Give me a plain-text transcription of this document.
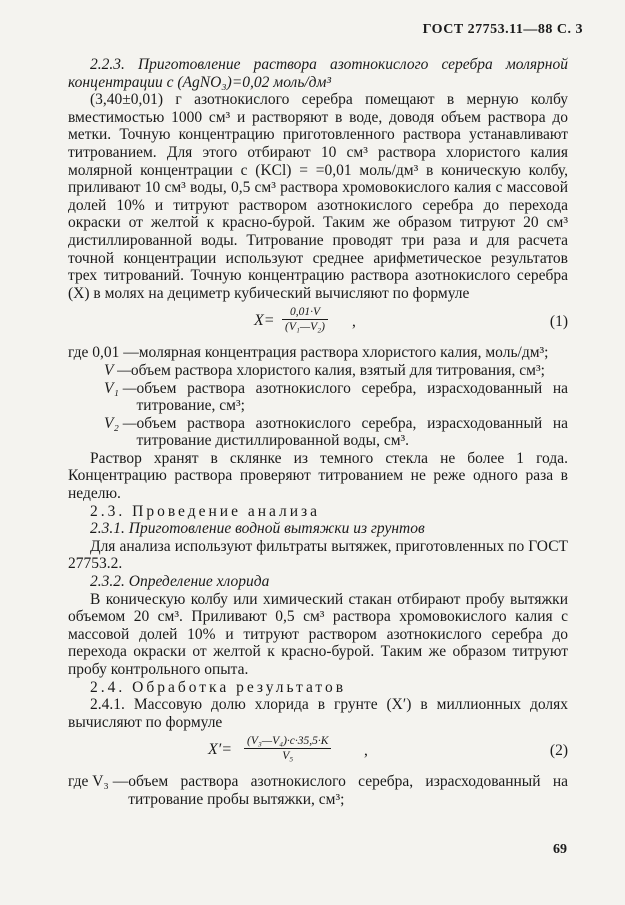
ГОСТ 27753.11—88 С. 3

2.2.3. Приготовление раствора азотнокислого серебра молярной концентрации c (AgNO₃)=0,02 моль/дм³

(3,40±0,01) г азотнокислого серебра помещают в мерную колбу вместимостью 1000 см³ и растворяют в воде, доводя объем раствора до метки. Точную концентрацию приготовленного раствора устанавливают титрованием. Для этого отбирают 10 см³ раствора хлористого калия молярной концентрации c (KCl) = =0,01 моль/дм³ в коническую колбу, приливают 10 см³ воды, 0,5 см³ раствора хромовокислого калия с массовой долей 10% и титруют раствором азотнокислого серебра до перехода окраски от желтой к красно-бурой. Таким же образом титруют 20 см³ дистиллированной воды. Титрование проводят три раза и для расчета точной концентрации используют среднее арифметическое результатов трех титрований. Точную концентрацию раствора азотнокислого серебра (X) в молях на дециметр кубический вычисляют по формуле

$X= \frac{0,01\cdot V}{\text{(V₁—V₂)}}$ ,	(1)
где 0,01 — молярная концентрация раствора хлористого калия, моль/дм³;
V — объем раствора хлористого калия, взятый для титрования, см³;
V₁ — объем раствора азотнокислого серебра, израсходованный на титрование, см³;
V₂ — объем раствора азотнокислого серебра, израсходованный на титрование дистиллированной воды, см³.

Раствор хранят в склянке из темного стекла не более 1 года. Концентрацию раствора проверяют титрованием не реже одного раза в неделю.

2.3. Проведение анализа

2.3.1. Приготовление водной вытяжки из грунтов

Для анализа используют фильтраты вытяжек, приготовленных по ГОСТ 27753.2.

2.3.2. Определение хлорида

В коническую колбу или химический стакан отбирают пробу вытяжки объемом 20 см³. Приливают 0,5 см³ раствора хромовокислого калия с массовой долей 10% и титруют раствором азотнокислого серебра до перехода окраски от желтой к красно-бурой. Таким же образом титруют пробу контрольного опыта.

2.4. Обработка результатов

2.4.1. Массовую долю хлорида в грунте (X′) в миллионных долях вычисляют по формуле

$X'= \frac{\text{(V₃—V₄)·c·35,5·K}}{\text{V₅}}$ ,	(2)
где V₃ — объем раствора азотнокислого серебра, израсходованный на титрование пробы вытяжки, см³;
69
